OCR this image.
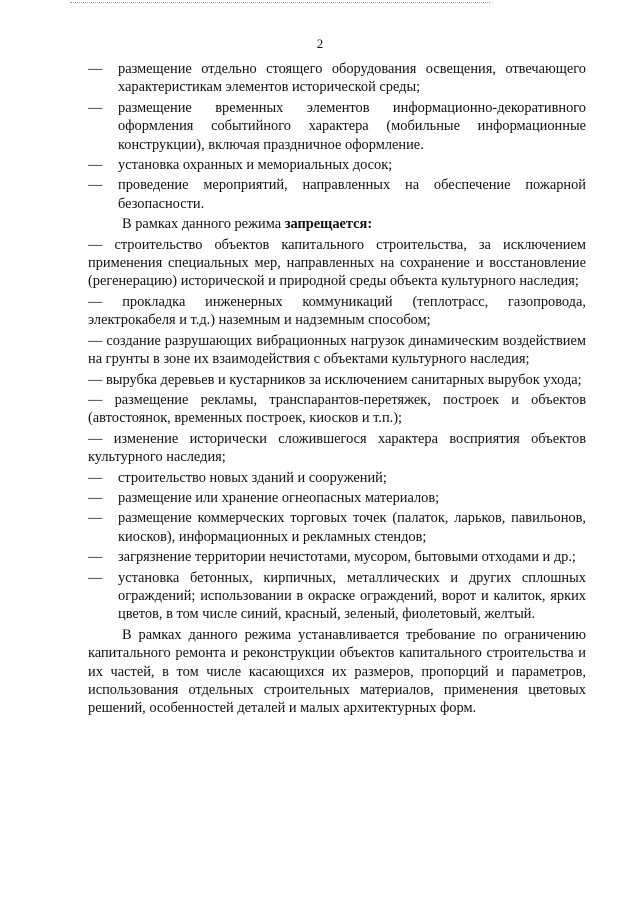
2

— размещение отдельно стоящего оборудования освещения, отвечающего характеристикам элементов исторической среды;

— размещение временных элементов информационно-декоративного оформления событийного характера (мобильные информационные конструкции), включая праздничное оформление.

— установка охранных и мемориальных досок;

— проведение мероприятий, направленных на обеспечение пожарной безопасности.

В рамках данного режима запрещается:

— строительство объектов капитального строительства, за исключением применения специальных мер, направленных на сохранение и восстановление (регенерацию) исторической и природной среды объекта культурного наследия;

— прокладка инженерных коммуникаций (теплотрасс, газопровода, электрокабеля и т.д.) наземным и надземным способом;

— создание разрушающих вибрационных нагрузок динамическим воздействием на грунты в зоне их взаимодействия с объектами культурного наследия;

— вырубка деревьев и кустарников за исключением санитарных вырубок ухода;

— размещение рекламы, транспарантов-перетяжек, построек и объектов (автостоянок, временных построек, киосков и т.п.);

— изменение исторически сложившегося характера восприятия объектов культурного наследия;

— строительство новых зданий и сооружений;

— размещение или хранение огнеопасных материалов;

— размещение коммерческих торговых точек (палаток, ларьков, павильонов, киосков), информационных и рекламных стендов;

— загрязнение территории нечистотами, мусором, бытовыми отходами и др.;

— установка бетонных, кирпичных, металлических и других сплошных ограждений; использовании в окраске ограждений, ворот и калиток, ярких цветов, в том числе синий, красный, зеленый, фиолетовый, желтый.

В рамках данного режима устанавливается требование по ограничению капитального ремонта и реконструкции объектов капитального строительства и их частей, в том числе касающихся их размеров, пропорций и параметров, использования отдельных строительных материалов, применения цветовых решений, особенностей деталей и малых архитектурных форм.
